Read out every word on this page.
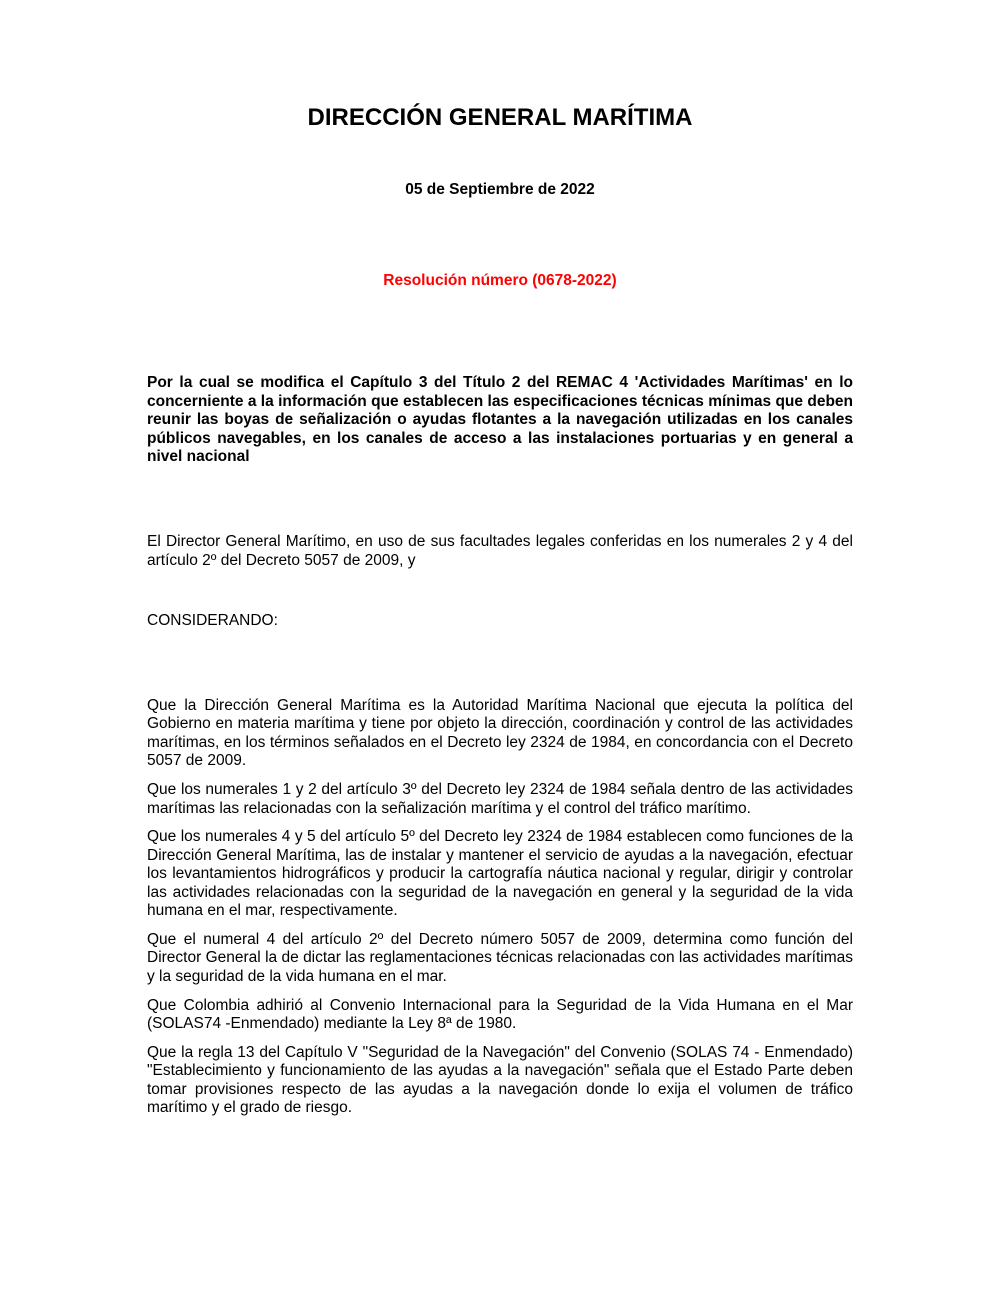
DIRECCIÓN GENERAL MARÍTIMA

05 de Septiembre de 2022

Resolución número (0678-2022)

Por la cual se modifica el Capítulo 3 del Título 2 del REMAC 4 'Actividades Marítimas' en lo concerniente a la información que establecen las especificaciones técnicas mínimas que deben reunir las boyas de señalización o ayudas flotantes a la navegación utilizadas en los canales públicos navegables, en los canales de acceso a las instalaciones portuarias y en general a nivel nacional

El Director General Marítimo, en uso de sus facultades legales conferidas en los numerales 2 y 4 del artículo 2º del Decreto 5057 de 2009, y

CONSIDERANDO:

Que la Dirección General Marítima es la Autoridad Marítima Nacional que ejecuta la política del Gobierno en materia marítima y tiene por objeto la dirección, coordinación y control de las actividades marítimas, en los términos señalados en el Decreto ley 2324 de 1984, en concordancia con el Decreto 5057 de 2009.

Que los numerales 1 y 2 del artículo 3º del Decreto ley 2324 de 1984 señala dentro de las actividades marítimas las relacionadas con la señalización marítima y el control del tráfico marítimo.

Que los numerales 4 y 5 del artículo 5º del Decreto ley 2324 de 1984 establecen como funciones de la Dirección General Marítima, las de instalar y mantener el servicio de ayudas a la navegación, efectuar los levantamientos hidrográficos y producir la cartografía náutica nacional y regular, dirigir y controlar las actividades relacionadas con la seguridad de la navegación en general y la seguridad de la vida humana en el mar, respectivamente.

Que el numeral 4 del artículo 2º del Decreto número 5057 de 2009, determina como función del Director General la de dictar las reglamentaciones técnicas relacionadas con las actividades marítimas y la seguridad de la vida humana en el mar.

Que Colombia adhirió al Convenio Internacional para la Seguridad de la Vida Humana en el Mar (SOLAS74 -Enmendado) mediante la Ley 8ª de 1980.

Que la regla 13 del Capítulo V "Seguridad de la Navegación" del Convenio (SOLAS 74 - Enmendado) "Establecimiento y funcionamiento de las ayudas a la navegación" señala que el Estado Parte deben tomar provisiones respecto de las ayudas a la navegación donde lo exija el volumen de tráfico marítimo y el grado de riesgo.
